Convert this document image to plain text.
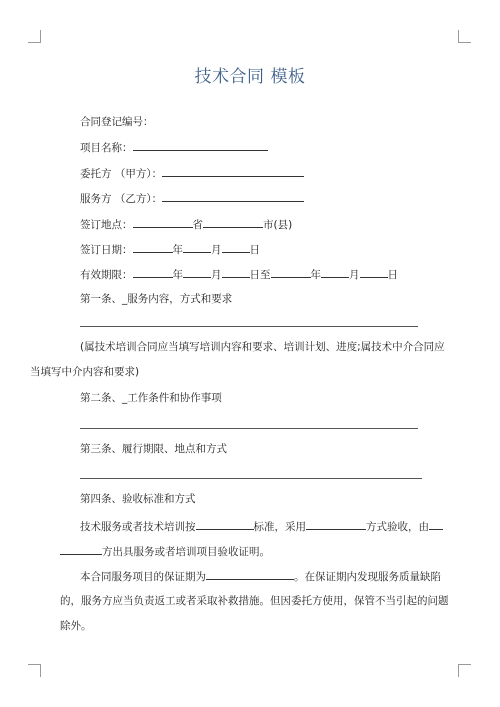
技术合同 模板
合同登记编号：
项目名称：
委托方 （甲方）：
服务方 （乙方）：
签订地点：	省	市(县)
签订日期：	年	月	日
有效期限：	年	月	日至	年	月	日
第一条、_服务内容，方式和要求
(属技术培训合同应当填写培训内容和要求、培训计划、进度;属技术中介合同应
当填写中介内容和要求)
第二条、_工作条件和协作事项
第三条、履行期限、地点和方式
第四条、验收标准和方式
技术服务或者技术培训按	标准，采用	方式验收，由
方出具服务或者培训项目验收证明。
本合同服务项目的保证期为	。在保证期内发现服务质量缺陷
的，服务方应当负责返工或者采取补救措施。但因委托方使用，保管不当引起的问题
除外。
